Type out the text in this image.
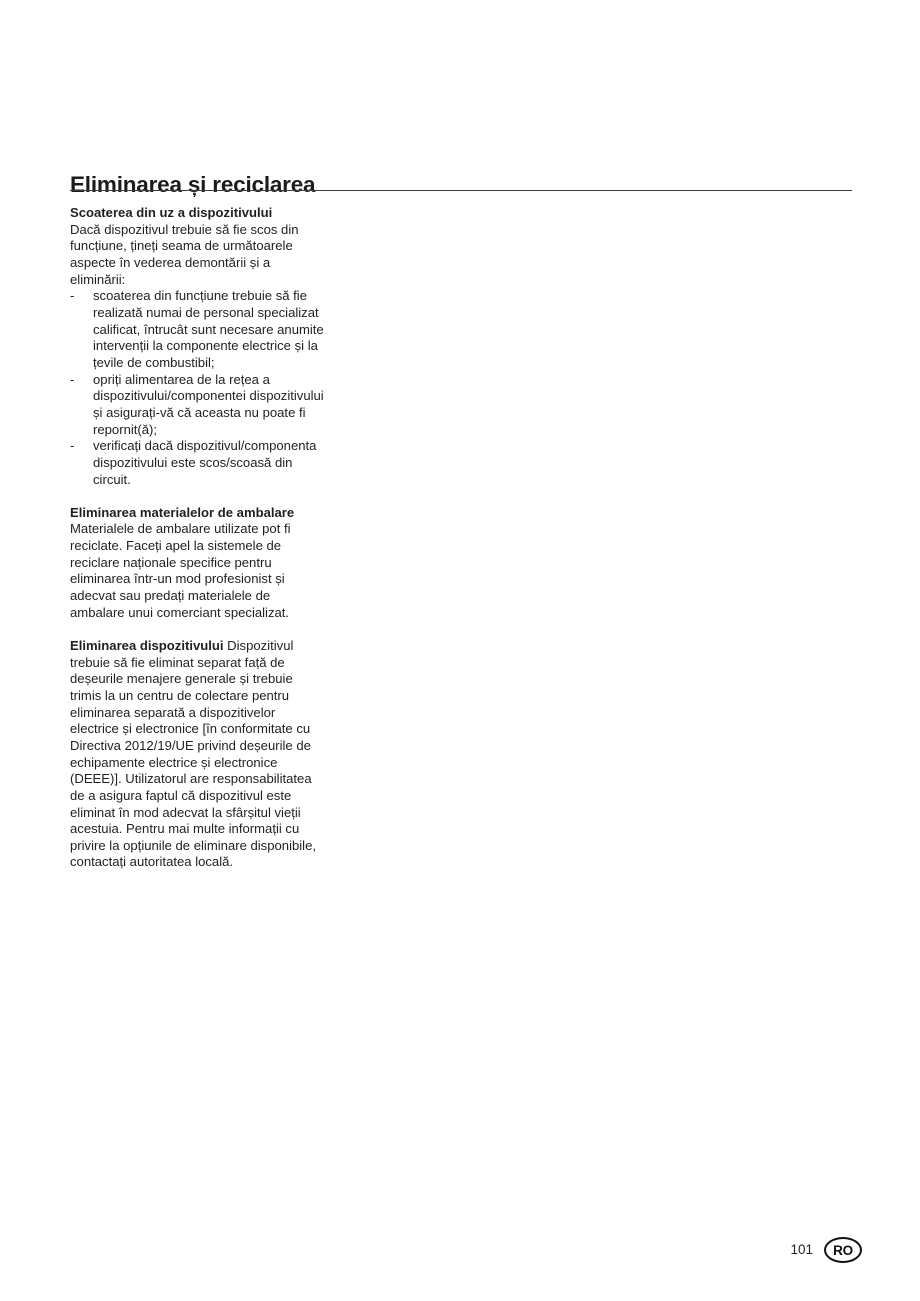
Eliminarea și reciclarea
Scoaterea din uz a dispozitivului
Dacă dispozitivul trebuie să fie scos din funcțiune, țineți seama de următoarele aspecte în vederea demontării și a eliminării:
- scoaterea din funcțiune trebuie să fie realizată numai de personal specializat calificat, întrucât sunt necesare anumite intervenții la componente electrice și la țevile de combustibil;
- opriți alimentarea de la rețea a dispozitivului/componentei dispozitivului și asigurați-vă că aceasta nu poate fi repornit(ă);
- verificați dacă dispozitivul/componenta dispozitivului este scos/scoasă din circuit.
Eliminarea materialelor de ambalare
Materialele de ambalare utilizate pot fi reciclate. Faceți apel la sistemele de reciclare naționale specifice pentru eliminarea într-un mod profesionist și adecvat sau predați materialele de ambalare unui comerciant specializat.
Eliminarea dispozitivului Dispozitivul trebuie să fie eliminat separat față de deșeurile menajere generale și trebuie trimis la un centru de colectare pentru eliminarea separată a dispozitivelor electrice și electronice [în conformitate cu Directiva 2012/19/UE privind deșeurile de echipamente electrice și electronice (DEEE)]. Utilizatorul are responsabilitatea de a asigura faptul că dispozitivul este eliminat în mod adecvat la sfârșitul vieții acestuia. Pentru mai multe informații cu privire la opțiunile de eliminare disponibile, contactați autoritatea locală.
101	RO
